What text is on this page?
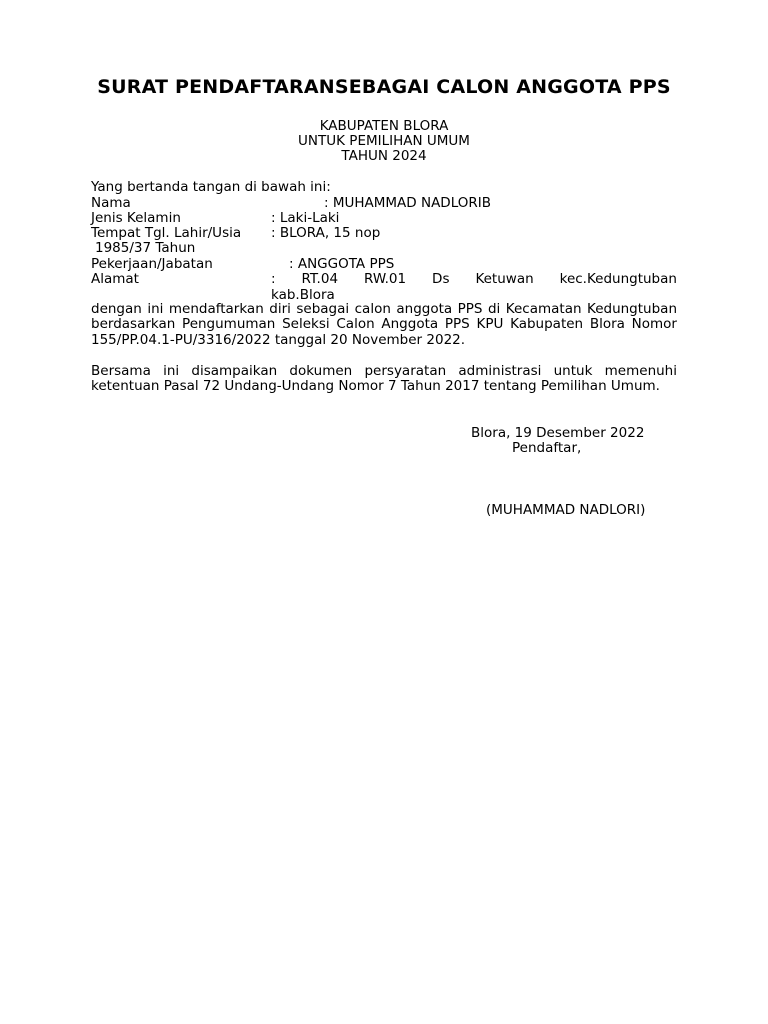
SURAT PENDAFTARANSEBAGAI CALON ANGGOTA PPS
KABUPATEN BLORA
UNTUK PEMILIHAN UMUM
TAHUN 2024
Yang bertanda tangan di bawah ini:
Nama	: MUHAMMAD NADLORIB
Jenis Kelamin	: Laki-Laki
Tempat Tgl. Lahir/Usia : BLORA, 15 nop
1985/37 Tahun
Pekerjaan/Jabatan	: ANGGOTA PPS
Alamat	: RT.04 RW.01 Ds Ketuwan kec.Kedungtuban
kab.Blora
dengan ini mendaftarkan diri sebagai calon anggota PPS di Kecamatan Kedungtuban berdasarkan Pengumuman Seleksi Calon Anggota PPS KPU Kabupaten Blora Nomor 155/PP.04.1-PU/3316/2022 tanggal 20 November 2022.
Bersama ini disampaikan dokumen persyaratan administrasi untuk memenuhi ketentuan Pasal 72 Undang-Undang Nomor 7 Tahun 2017 tentang Pemilihan Umum.
Blora, 19 Desember 2022
Pendaftar,
(MUHAMMAD NADLORI)
